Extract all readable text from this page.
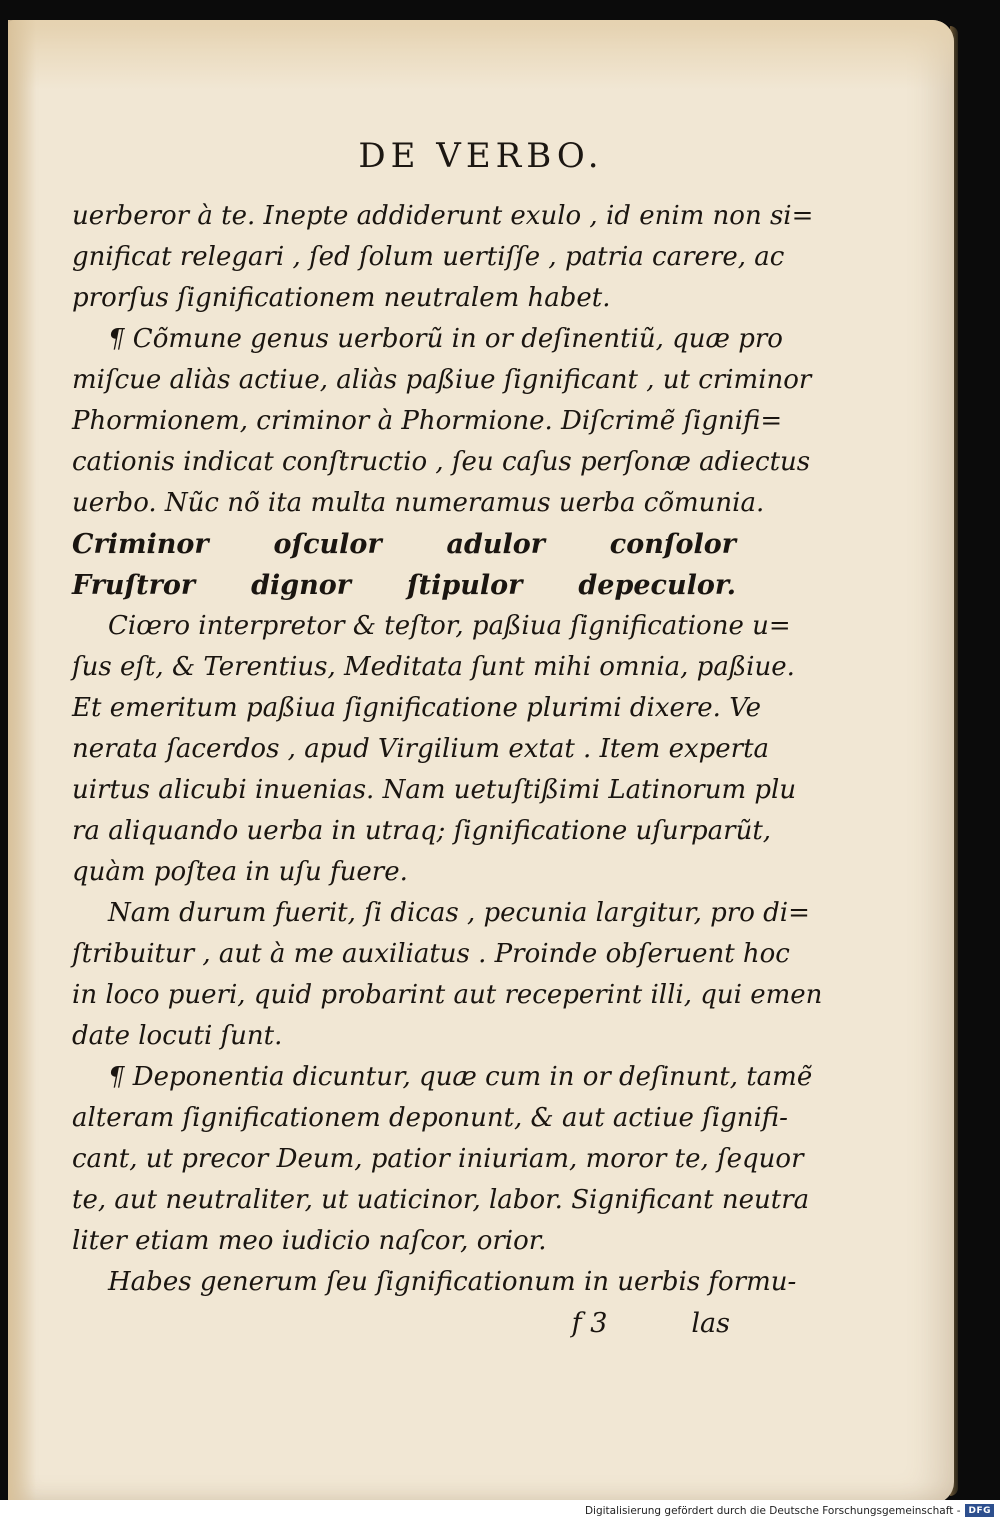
DE VERBO.
uerberor à te. Inepte addiderunt exulo , id enim non si=
gnificat relegari , ſed ſolum uertiſſe , patria carere, ac
prorſus ſignificationem neutralem habet.
¶ Cõmune genus uerborũ in or deſinentiũ, quæ pro
miſcue aliàs actiue, aliàs paßiue ſignificant , ut criminor
Phormionem, criminor à Phormione. Diſcrimẽ ſignifi=
cationis indicat conſtructio , ſeu caſus perſonæ adiectus
uerbo. Nũc nõ ita multa numeramus uerba cõmunia.
Criminor oſculor adulor conſolor
Fruſtror dignor ſtipulor depeculor.
Ciœro interpretor & teſtor, paßiua ſignificatione u=
ſus eſt, & Terentius, Meditata ſunt mihi omnia, paßiue.
Et emeritum paßiua ſignificatione plurimi dixere. Ve
nerata ſacerdos , apud Virgilium extat . Item experta
uirtus alicubi inuenias. Nam uetuſtißimi Latinorum plu
ra aliquando uerba in utraq; ſignificatione uſurparũt,
quàm poſtea in uſu fuere.
Nam durum fuerit, ſi dicas , pecunia largitur, pro di=
ſtribuitur , aut à me auxiliatus . Proinde obſeruent hoc
in loco pueri, quid probarint aut receperint illi, qui emen
date locuti ſunt.
¶ Deponentia dicuntur, quæ cum in or deſinunt, tamẽ
alteram ſignificationem deponunt, & aut actiue ſignifi-
cant, ut precor Deum, patior iniuriam, moror te, ſequor
te, aut neutraliter, ut uaticinor, labor. Significant neutra
liter etiam meo iudicio naſcor, orior.
Habes generum ſeu ſignificationum in uerbis formu-
f 3	las
Digitalisierung gefördert durch die Deutsche Forschungsgemeinschaft - DFG
